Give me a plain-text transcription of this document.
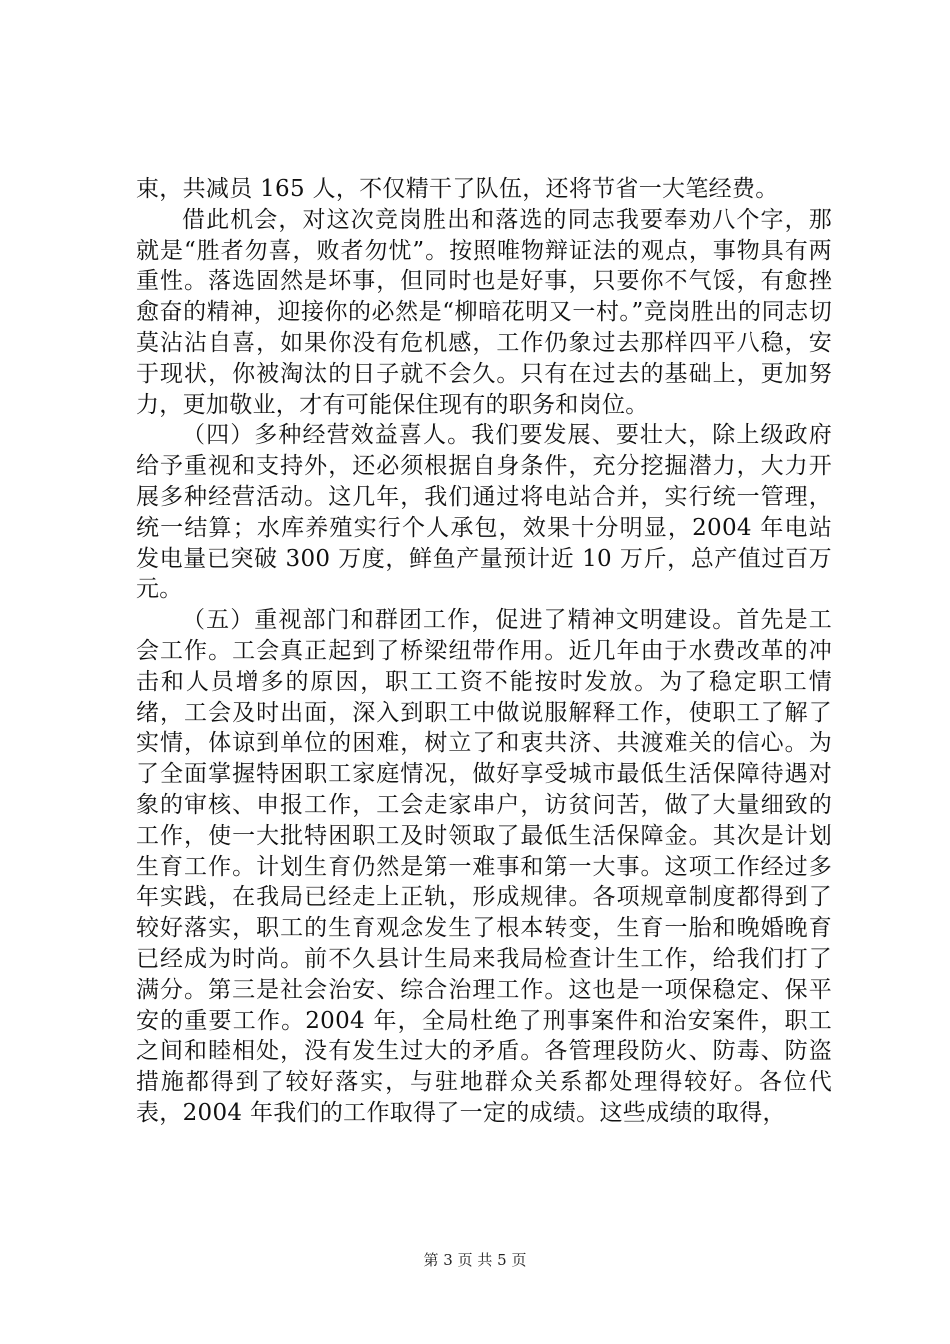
束，共减员 165 人，不仅精干了队伍，还将节省一大笔经费。

借此机会，对这次竞岗胜出和落选的同志我要奉劝八个字，那就是“胜者勿喜，败者勿忧”。按照唯物辩证法的观点，事物具有两重性。落选固然是坏事，但同时也是好事，只要你不气馁，有愈挫愈奋的精神，迎接你的必然是“柳暗花明又一村。”竞岗胜出的同志切莫沾沾自喜，如果你没有危机感，工作仍象过去那样四平八稳，安于现状，你被淘汰的日子就不会久。只有在过去的基础上，更加努力，更加敬业，才有可能保住现有的职务和岗位。

（四）多种经营效益喜人。我们要发展、要壮大，除上级政府给予重视和支持外，还必须根据自身条件，充分挖掘潜力，大力开展多种经营活动。这几年，我们通过将电站合并，实行统一管理，统一结算；水库养殖实行个人承包，效果十分明显，2004 年电站发电量已突破 300 万度，鲜鱼产量预计近 10 万斤，总产值过百万元。

（五）重视部门和群团工作，促进了精神文明建设。首先是工会工作。工会真正起到了桥梁纽带作用。近几年由于水费改革的冲击和人员增多的原因，职工工资不能按时发放。为了稳定职工情绪，工会及时出面，深入到职工中做说服解释工作，使职工了解了实情，体谅到单位的困难，树立了和衷共济、共渡难关的信心。为了全面掌握特困职工家庭情况，做好享受城市最低生活保障待遇对象的审核、申报工作，工会走家串户，访贫问苦，做了大量细致的工作，使一大批特困职工及时领取了最低生活保障金。其次是计划生育工作。计划生育仍然是第一难事和第一大事。这项工作经过多年实践，在我局已经走上正轨，形成规律。各项规章制度都得到了较好落实，职工的生育观念发生了根本转变，生育一胎和晚婚晚育已经成为时尚。前不久县计生局来我局检查计生工作，给我们打了满分。第三是社会治安、综合治理工作。这也是一项保稳定、保平安的重要工作。2004 年，全局杜绝了刑事案件和治安案件，职工之间和睦相处，没有发生过大的矛盾。各管理段防火、防毒、防盗措施都得到了较好落实，与驻地群众关系都处理得较好。各位代表，2004 年我们的工作取得了一定的成绩。这些成绩的取得，

第 3 页 共 5 页
